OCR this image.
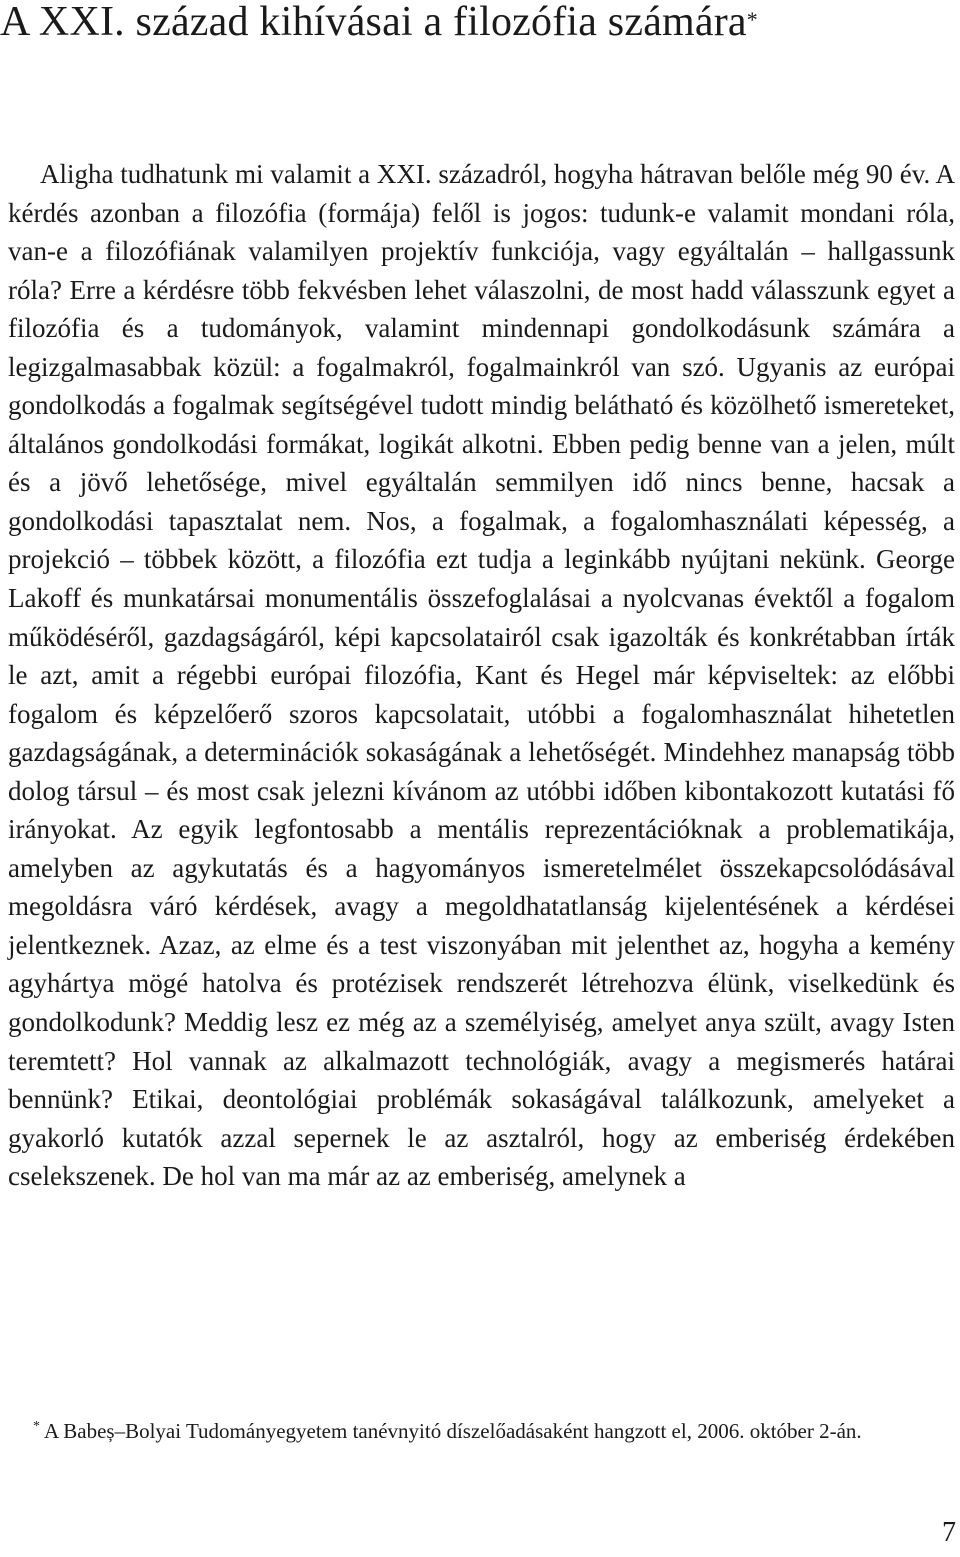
A XXI. század kihívásai a filozófia számára*

Aligha tudhatunk mi valamit a XXI. századról, hogyha hátravan belőle még 90 év. A kérdés azonban a filozófia (formája) felől is jogos: tudunk-e valamit mondani róla, van-e a filozófiának valamilyen projektív funkciója, vagy egyáltalán – hallgassunk róla? Erre a kérdésre több fekvésben lehet válaszolni, de most hadd válasszunk egyet a filozófia és a tudományok, valamint mindennapi gondolkodásunk számára a legizgalmasabbak közül: a fogalmakról, fogalmainkról van szó. Ugyanis az európai gondolkodás a fogalmak segítségével tudott mindig belátható és közölhető ismereteket, általános gondolkodási formákat, logikát alkotni. Ebben pedig benne van a jelen, múlt és a jövő lehetősége, mivel egyáltalán semmilyen idő nincs benne, hacsak a gondolkodási tapasztalat nem. Nos, a fogalmak, a fogalomhasználati képesség, a projekció – többek között, a filozófia ezt tudja a leginkább nyújtani nekünk. George Lakoff és munkatársai monumentális összefoglalásai a nyolcvanas évektől a fogalom működéséről, gazdagságáról, képi kapcsolatairól csak igazolták és konkrétabban írták le azt, amit a régebbi európai filozófia, Kant és Hegel már képviseltek: az előbbi fogalom és képzelőerő szoros kapcsolatait, utóbbi a fogalomhasználat hihetetlen gazdagságának, a determinációk sokaságának a lehetőségét. Mindehhez manapság több dolog társul – és most csak jelezni kívánom az utóbbi időben kibontakozott kutatási fő irányokat. Az egyik legfontosabb a mentális reprezentációknak a problematikája, amelyben az agykutatás és a hagyományos ismeretelmélet összekapcsolódásával megoldásra váró kérdések, avagy a megoldhatatlanság kijelentésének a kérdései jelentkeznek. Azaz, az elme és a test viszonyában mit jelenthet az, hogyha a kemény agyhártya mögé hatolva és protézisek rendszerét létrehozva élünk, viselkedünk és gondolkodunk? Meddig lesz ez még az a személyiség, amelyet anya szült, avagy Isten teremtett? Hol vannak az alkalmazott technológiák, avagy a megismerés határai bennünk? Etikai, deontológiai problémák sokaságával találkozunk, amelyeket a gyakorló kutatók azzal sepernek le az asztalról, hogy az emberiség érdekében cselekszenek. De hol van ma már az az emberiség, amelynek a

* A Babeș–Bolyai Tudományegyetem tanévnyitó díszelőadásaként hangzott el, 2006. október 2-án.

7
